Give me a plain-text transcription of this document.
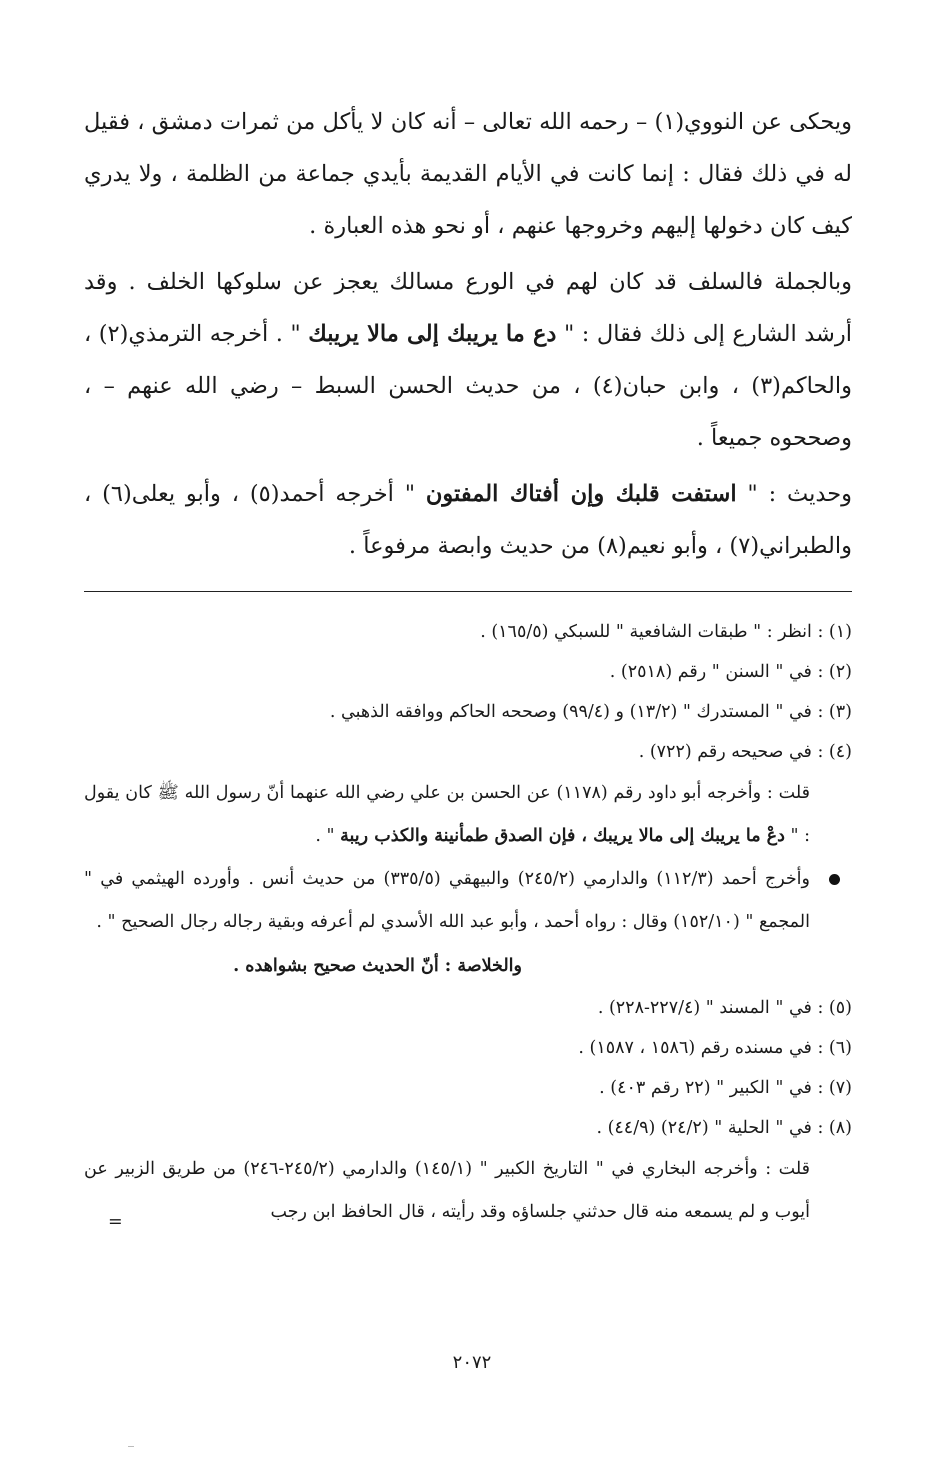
ويحكى عن النووي(١) – رحمه الله تعالى – أنه كان لا يأكل من ثمرات دمشق ، فقيل له في ذلك فقال : إنما كانت في الأيام القديمة بأيدي جماعة من الظلمة ، ولا يدري كيف كان دخولها إليهم وخروجها عنهم ، أو نحو هذه العبارة .

وبالجملة فالسلف قد كان لهم في الورع مسالك يعجز عن سلوكها الخلف . وقد أرشد الشارع إلى ذلك فقال : " دع ما يريبك إلى مالا يريبك " . أخرجه الترمذي(٢) ، والحاكم(٣) ، وابن حبان(٤) ، من حديث الحسن السبط – رضي الله عنهم – ، وصححوه جميعاً .

وحديث : " استفت قلبك وإن أفتاك المفتون " أخرجه أحمد(٥) ، وأبو يعلى(٦) ، والطبراني(٧) ، وأبو نعيم(٨) من حديث وابصة مرفوعاً .

(١) : انظر : " طبقات الشافعية " للسبكي (١٦٥/٥) .

(٢) : في " السنن " رقم (٢٥١٨) .

(٣) : في " المستدرك " (١٣/٢) و (٩٩/٤) وصححه الحاكم ووافقه الذهبي .

(٤) : في صحيحه رقم (٧٢٢) .

قلت : وأخرجه أبو داود رقم (١١٧٨) عن الحسن بن علي رضي الله عنهما أنّ رسول الله ﷺ كان يقول : " دعْ ما يريبك إلى مالا يريبك ، فإن الصدق طمأنينة والكذب ريبة " .

وأخرج أحمد (١١٢/٣) والدارمي (٢٤٥/٢) والبيهقي (٣٣٥/٥) من حديث أنس . وأورده الهيثمي في " المجمع " (١٥٢/١٠) وقال : رواه أحمد ، وأبو عبد الله الأسدي لم أعرفه وبقية رجاله رجال الصحيح " .

والخلاصة : أنّ الحديث صحيح بشواهده .

(٥) : في " المسند " (٢٢٧/٤-٢٢٨) .

(٦) : في مسنده رقم (١٥٨٦ ، ١٥٨٧) .

(٧) : في " الكبير " (٢٢ رقم ٤٠٣) .

(٨) : في " الحلية " (٢٤/٢) (٤٤/٩) .

قلت : وأخرجه البخاري في " التاريخ الكبير " (١٤٥/١) والدارمي (٢٤٥/٢-٢٤٦) من طريق الزبير عن أيوب و لم يسمعه منه قال حدثني جلساؤه وقد رأيته ، قال الحافظ ابن رجب

=
٢٠٧٢
